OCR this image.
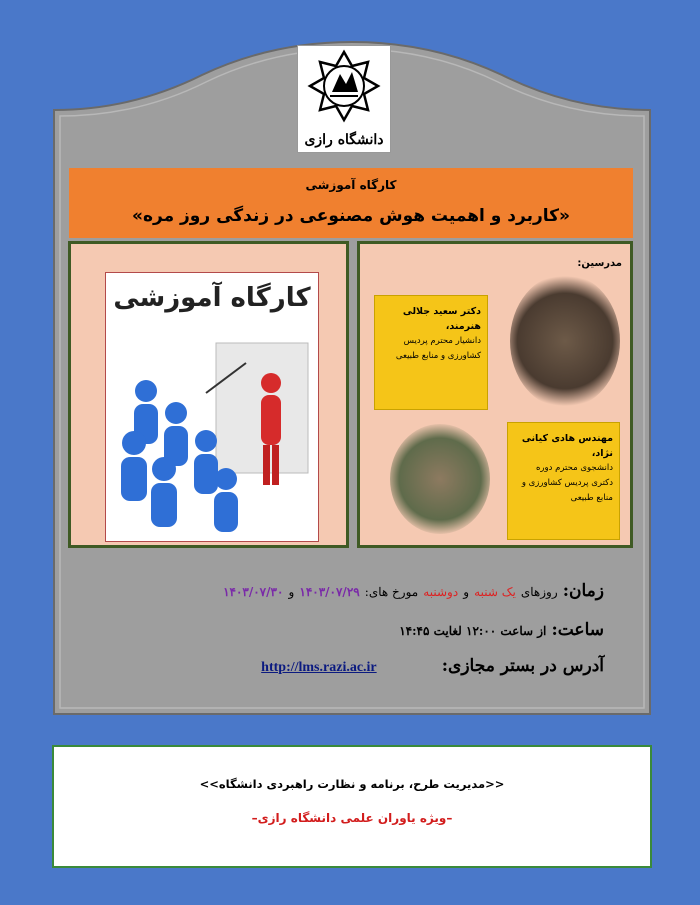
دانشگاه رازی
کارگاه آموزشی
«کاربرد و اهمیت هوش مصنوعی در زندگی روز مره»
کارگاه آموزشی
مدرسین:
دکتر سعید جلالی هنرمند،
دانشیار محترم پردیس کشاورزی و منابع طبیعی
مهندس هادی کیانی نژاد،
دانشجوی محترم دوره دکتری پردیس کشاورزی و منابع طبیعی
زمان: روزهای یک شنبه و دوشنبه مورخ های: ۱۴۰۳/۰۷/۲۹ و ۱۴۰۳/۰۷/۳۰
ساعت: از ساعت ۱۲:۰۰ لغایت ۱۴:۴۵
آدرس در بستر مجازی: http://lms.razi.ac.ir
<<مدیریت طرح، برنامه و نظارت راهبردی دانشگاه>>
–ویژه یاوران علمی دانشگاه رازی–
